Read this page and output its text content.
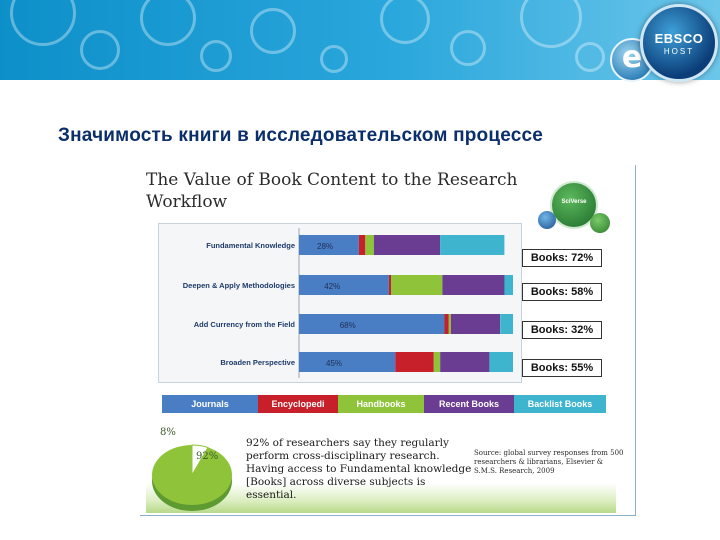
e
EBSCO
HOST
Значимость книги в исследовательском процессе
The Value of Book Content to the Research Workflow	SciVerse
Fundamental Knowledge
Deepen & Apply Methodologies
Add Currency from the Field
Broaden Perspective
28%
42%
68%
45%
Books: 72%
Books: 58%
Books: 32%
Books: 55%
Journals	Encyclopedi	Handbooks	Recent Books	Backlist Books
8%
92%
92% of researchers say they regularly perform cross-disciplinary research. Having access to Fundamental knowledge [Books] across diverse subjects is essential.
Source: global survey responses from 500 researchers & librarians, Elsevier & S.M.S. Research, 2009
